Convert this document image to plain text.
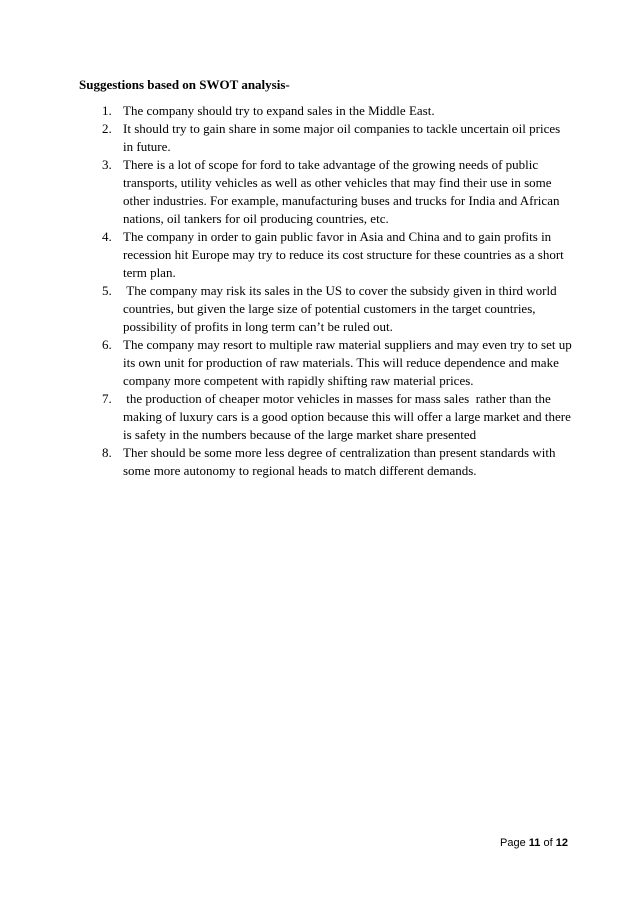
Suggestions based on SWOT analysis-

1. The company should try to expand sales in the Middle East.
2. It should try to gain share in some major oil companies to tackle uncertain oil prices in future.
3. There is a lot of scope for ford to take advantage of the growing needs of public transports, utility vehicles as well as other vehicles that may find their use in some other industries. For example, manufacturing buses and trucks for India and African nations, oil tankers for oil producing countries, etc.
4. The company in order to gain public favor in Asia and China and to gain profits in recession hit Europe may try to reduce its cost structure for these countries as a short term plan.
5. The company may risk its sales in the US to cover the subsidy given in third world countries, but given the large size of potential customers in the target countries, possibility of profits in long term can’t be ruled out.
6. The company may resort to multiple raw material suppliers and may even try to set up its own unit for production of raw materials. This will reduce dependence and make company more competent with rapidly shifting raw material prices.
7. the production of cheaper motor vehicles in masses for mass sales  rather than the making of luxury cars is a good option because this will offer a large market and there is safety in the numbers because of the large market share presented
8. Ther should be some more less degree of centralization than present standards with some more autonomy to regional heads to match different demands.
Page 11 of 12
